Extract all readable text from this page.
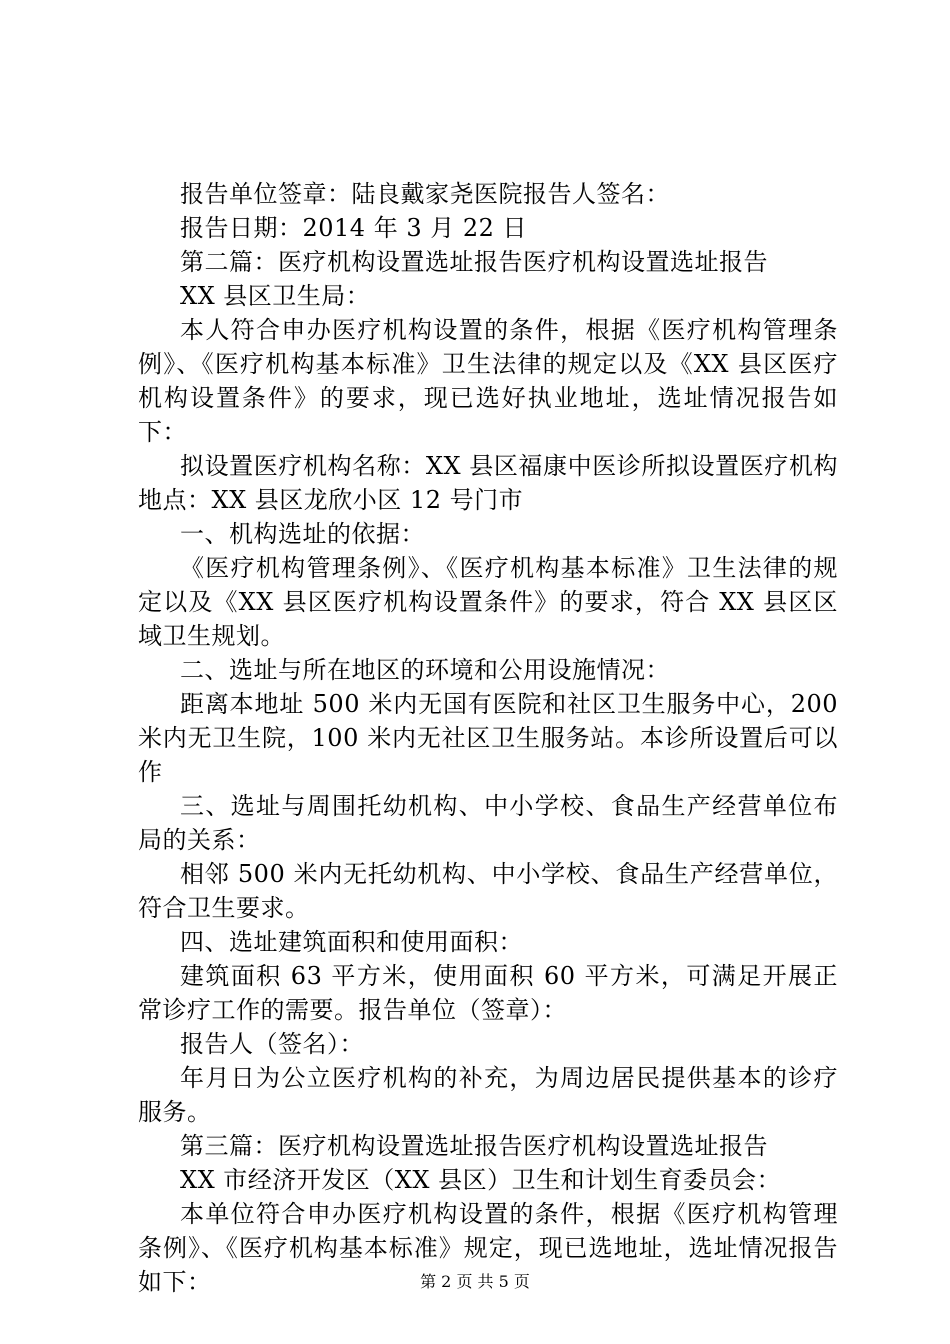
报告单位签章：陆良戴家尧医院报告人签名：

报告日期：2014 年 3 月 22 日

第二篇：医疗机构设置选址报告医疗机构设置选址报告

XX 县区卫生局：

本人符合申办医疗机构设置的条件，根据《医疗机构管理条例》、《医疗机构基本标准》卫生法律的规定以及《XX 县区医疗机构设置条件》的要求，现已选好执业地址，选址情况报告如下：

拟设置医疗机构名称：XX 县区福康中医诊所拟设置医疗机构地点：XX 县区龙欣小区 12 号门市

一、机构选址的依据：

《医疗机构管理条例》、《医疗机构基本标准》卫生法律的规定以及《XX 县区医疗机构设置条件》的要求，符合 XX 县区区域卫生规划。

二、选址与所在地区的环境和公用设施情况：

距离本地址 500 米内无国有医院和社区卫生服务中心，200 米内无卫生院，100 米内无社区卫生服务站。本诊所设置后可以作

三、选址与周围托幼机构、中小学校、食品生产经营单位布局的关系：

相邻 500 米内无托幼机构、中小学校、食品生产经营单位，符合卫生要求。

四、选址建筑面积和使用面积：

建筑面积 63 平方米，使用面积 60 平方米，可满足开展正常诊疗工作的需要。报告单位（签章）：

报告人（签名）：

年月日为公立医疗机构的补充，为周边居民提供基本的诊疗服务。

第三篇：医疗机构设置选址报告医疗机构设置选址报告

XX 市经济开发区（XX 县区）卫生和计划生育委员会：

本单位符合申办医疗机构设置的条件，根据《医疗机构管理条例》、《医疗机构基本标准》规定，现已选地址，选址情况报告如下：	第 2 页 共 5 页
